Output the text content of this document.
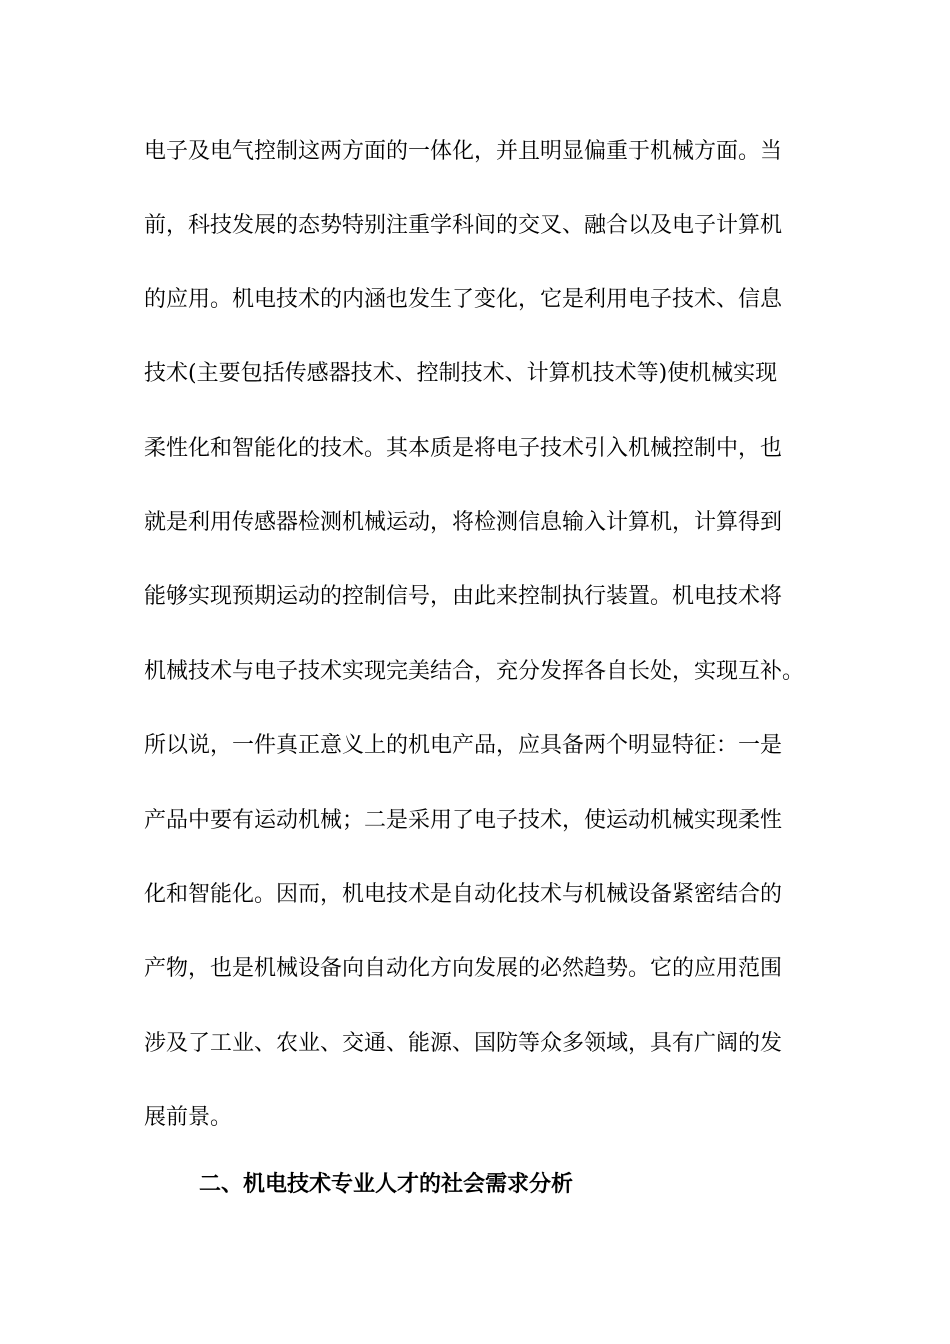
电子及电气控制这两方面的一体化，并且明显偏重于机械方面。当
前，科技发展的态势特别注重学科间的交叉、融合以及电子计算机
的应用。机电技术的内涵也发生了变化，它是利用电子技术、信息
技术(主要包括传感器技术、控制技术、计算机技术等)使机械实现
柔性化和智能化的技术。其本质是将电子技术引入机械控制中，也
就是利用传感器检测机械运动，将检测信息输入计算机，计算得到
能够实现预期运动的控制信号，由此来控制执行装置。机电技术将
机械技术与电子技术实现完美结合，充分发挥各自长处，实现互补。
所以说，一件真正意义上的机电产品，应具备两个明显特征：一是
产品中要有运动机械；二是采用了电子技术，使运动机械实现柔性
化和智能化。因而，机电技术是自动化技术与机械设备紧密结合的
产物，也是机械设备向自动化方向发展的必然趋势。它的应用范围
涉及了工业、农业、交通、能源、国防等众多领域，具有广阔的发
展前景。
二、机电技术专业人才的社会需求分析
